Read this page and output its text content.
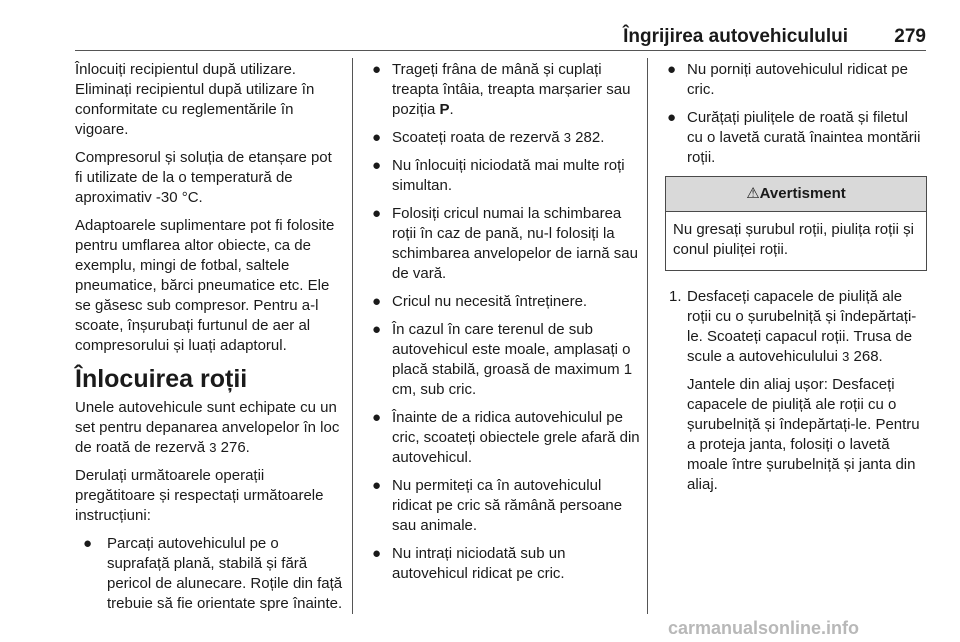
Îngrijirea autovehiculului 279

Înlocuiți recipientul după utilizare. Eliminați recipientul după utilizare în conformitate cu reglementările în vigoare.

Compresorul și soluția de etanșare pot fi utilizate de la o temperatură de aproximativ -30 °C.

Adaptoarele suplimentare pot fi folosite pentru umflarea altor obiecte, ca de exemplu, mingi de fotbal, saltele pneumatice, bărci pneumatice etc. Ele se găsesc sub compresor. Pentru a-l scoate, înșurubați furtunul de aer al compresorului și luați adaptorul.

Înlocuirea roții

Unele autovehicule sunt echipate cu un set pentru depanarea anvelopelor în loc de roată de rezervă 3 276.

Derulați următoarele operații pregătitoare și respectați următoarele instrucțiuni:

● Parcați autovehiculul pe o suprafață plană, stabilă și fără pericol de alunecare. Roțile din față trebuie să fie orientate spre înainte.
● Trageți frâna de mână și cuplați treapta întâia, treapta marșarier sau poziția P.
● Scoateți roata de rezervă 3 282.
● Nu înlocuiți niciodată mai multe roți simultan.
● Folosiți cricul numai la schimbarea roții în caz de pană, nu-l folosiți la schimbarea anvelopelor de iarnă sau de vară.
● Cricul nu necesită întreținere.
● În cazul în care terenul de sub autovehicul este moale, amplasați o placă stabilă, groasă de maximum 1 cm, sub cric.
● Înainte de a ridica autovehiculul pe cric, scoateți obiectele grele afară din autovehicul.
● Nu permiteți ca în autovehiculul ridicat pe cric să rămână persoane sau animale.
● Nu intrați niciodată sub un autovehicul ridicat pe cric.
● Nu porniți autovehiculul ridicat pe cric.
● Curățați piulițele de roată și filetul cu o lavetă curată înaintea montării roții.
⚠Avertisment
Nu gresați șurubul roții, piulița roții și conul piuliței roții.
1. Desfaceți capacele de piuliță ale roții cu o șurubelniță și îndepărtați-le. Scoateți capacul roții. Trusa de scule a autovehiculului 3 268.
Jantele din aliaj ușor: Desfaceți capacele de piuliță ale roții cu o șurubelniță și îndepărtați-le. Pentru a proteja janta, folosiți o lavetă moale între șurubelniță și janta din aliaj.
carmanualsonline.info
